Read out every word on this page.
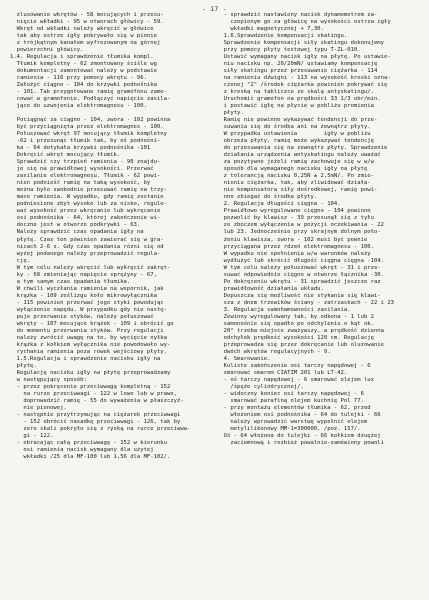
- 17 -
zlusowanie wkrętów - 58 mocujących i przesu-
nięcie wkładki - 95 w otworach główicy - 59.
Wkręt od wkładki należy wkręcić w główice
tak aby ostrze igły pokrywało się w pionie
z trójkątnym kanałem wyfrezowanym na górnej
powierzchni główicy.
1.4. Regulacja i sprawdzenie tłumika kompl.
Tłumik kompletny - 62 zmontowany ściśle wg
dokumentacji zamontować należy w podstawie
ramienia - 116 przy pomocy wkrętu - 96.
Założyć ciągno - 104 do krzywki podnośnika
- 101. Tak przygotowane ramię gramofonu zamo-
cować w gramofonie. Podłączyć napięcie zasila-
jące do uzwojenia elektromagnesu - 100.
Pociągnąć za ciągno - 104, zwora - 102 powinna
być przyciągnięta przez elektromagnes - 100.
Połuszować wkręt 97 mocujący tłumik kompletny
-62 i przesunąć tłumik tak, by oś podnośni-
ka - 64 dotykała krzywki podnośnika -101
Dokręcić wkręt mocujący tłumik.
Sprawdzić czy trzpień ramienia - 90 znajdu-
je się na prawidłowej wysokości. Przerwać
zasilanie elektromagnesu. Tłumik - 62 powi-
nien podnieść ramię na taką wysokość, by
można było swobodnie przesuwać ramię na trzy-
mace ramienia. W wypadku, gdy ramię zostanie
podniesione zbyt wysoko lub za nisko, regulo-
wać wysokość przez wkręcanie lub wykręcanie
osi podnośnika - 64, której zakończenie wi-
doczne jest w otworze podkrywki - 63.
Należy sprawdzić czas opadania igły na
płytę. Czas ten powinien zawierać się w gra-
nicach 2-6 s. Gdy czas opadania różni się od
wyżej podanego należy przeprowadzić regula-
cję.
W tym celu należy wkręcić lub wykręcić zakręt-
ky - 68 zmieniając napięcie sprężyny - 67,
a tym samym czas opadania tłumika.
W chwili wyczłania ramienia na wspornik, jak
krążka - 109 ześlizgu koło mikrowyłącznika
- 115 powinien przerwać jego styki powodując
wyłączenie napędu. W przypadku gdy nie nastę-
puje przerwanie styków, należy połuszować
wkręty - 107 mocujące krążek - 109 i obrócić go
do momentu przerwania styków. Przy regulacji
należy zwrócić uwagę na to, by wycięcie nyłka
krążka z kołkiem wyłącznika nie powodowało wy-
rychania ramienia poza rowek wejściowy płyty.
1.5.Regulacja i sprawdzenie nacisku igły na
płytę.
Regulację nacisku igły na płytę przeprowadzamy
w następujący sposób:
- przez pokręcenie przeciwwagą kompletną - 152
na rurze przeciwwagi - 122 w lewo lub w prawo,
doprowadzić ramię - 55 do wyważenia w płaszczyź-
nie pionowej.
- następnie przytrzymując na ciężarek przeciwwagi
- 152 obrócić nasadkę przeciwwagi - 126, tak by
zero skali pokryło się z ryską na rurce przeciwwa-
gi - 122.
- obracając całą przeciwwagę - 152 w kierunku
osi ramienia nacisk wymagany dla użytej
wkładki /25 dla MF-100 lub 1,56 dla MF-102/.
- sprawdzić nastawiony nacisk dynamometrem za-
czepionym go za główicę na wysokości ostrza igły
wkładki magnetycznej + 7,30.
1.6.Sprawdzenie kompensacji skatingu.
Sprawdzenie kompensacji siły skatingu dokonujemy
przy pomocy płyty testowej typu T-ZL-010.
Ustawić wymagany nacisk igły na płytę. Po ustawie-
niu nacisku np. 20/20mN/ ustawiamy kompensację
siły skatingu przez przesuwanie ciężarka - 114
na ramieniu dźwigni - 113 na wysokość kreski ozna-
czonej "2" /środek ciężarka powinien pokrywać się
z kreską na tabliczce ze skalą antyskatingu/.
Uruchomić gramofon na prędkości 33 1/3 obr/min.
i postawić igłę na płycie w pobliżu promienia
płyty.
Ramię nie powinno wykazywać tendencji do prze-
suwania się do środka ani na zewnątrz płyty.
W przypadku ustawienia        igły w pobliżu
obrzeża płyty, ramię może wykazywać tendencję
do przesuwania się na zewnątrz płyty. Sprawdzenie
działania urządzenia antyskatingu należy uważać
za pozytywne jeżeli ramię zachowuje się w w/w
sposób dla wymaganego nacisku igły na płytę
z tolerancją nacisku 0,25N ± 2,5mN/. Po zmie-
nieniu ciężarka, tak, aby zliwidować działa-
nie kompensatora siły dośrodkowej, ramię powi-
nno zbiegać do środka płyty.
2. Regulacja długości cięgna - 104.
Prawidłowo wyregulowane cięgno - 104 powinno
pozwolić by klawisz - 39 przesunął się z tyłu
ze zboczem wyłączenia w pozycji oczekiwania - 22
lub 23. Jednocześnie przy skrajnym dolnym poło-
żeniu klawisza, zwora - 102 musi być pewnie
przyciągana przez rdzeń elektromagnesu - 100.
W wypadku nie spełnienia w/w warunków należy
wydłużyć lub skrócić długość cięgna cięgna -104.
W tym celu należy połuszować wkręt - 31 i prze-
suwać odpowiednio cięgno w otworze łącznika -30.
Po dokręceniu wkrętu - 31 sprawdzić jeszcze raz
prawidłowość działania układu.
Dopuszcza się możliwość nie stykania się klawi-
sza z dnem trzewików ściany - zatrzaskach - 22 i 23
3. Regulacja samohamowności zasilania.
Zewinny wyregulowany tak, by odkona - 1 lub 2
samonośnie się opadło po odchyleniu o kąt ok.
20° trzeba miejsce zważywszy, a prędkość dzienna
odchyłek prędkość wysokości 120 cm. Regulację
przeprowadza się przez dokręcanie lub oluzowanie
dwóch wkrętów regulacyjnych - 9.
4. Smarowanie.
Kuliste zakończenie osi tarczy napędowej - 6
smarować smarem CIATIM 201 lub LT-42.
- oś tarczy napędowej - 6 smarować olejem lux
/śpęże cylindrycznej/.
- widoczny koniec osi tarczy napędowej - 6
smarować parafiną olejem kuchnię Pol 77.
- przy montażu elementów tłumika - 62, przed
włożeniem osi podnośnika - 64 do tulejki - 66
należy wprowadzić warstwę wypełnić olejem
metylilikonowy MM-1=300000, /poz. 157/.
Oś - 64 włożona do tulejki - 66 kołkiem dzuężej
zaciemnową i rozbież powalnie-zamówiony powoli
